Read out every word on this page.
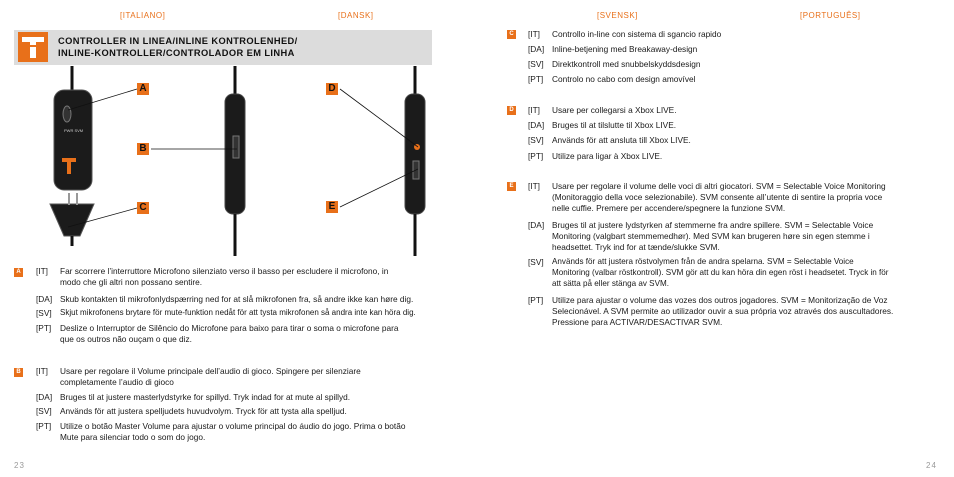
[ITALIANO]	[DANSK]	[SVENSK]	[PORTUGUÊS]
CONTROLLER IN LINEA/INLINE KONTROLENHED/
INLINE-KONTROLLER/CONTROLADOR EM LINHA
PWR SVM
A
B
C
D
E
A [IT] Far scorrere l’interruttore Microfono silenziato verso il basso per escludere il microfono, in
modo che gli altri non possano sentire.
[DA] Skub kontakten til mikrofonlydspærring ned for at slå mikrofonen fra, så andre ikke kan høre dig.
[SV] Skjut mikrofonens brytare för mute-funktion nedåt för att tysta mikrofonen så andra inte kan höra dig.
[PT] Deslize o Interruptor de Silêncio do Microfone para baixo para tirar o soma o microfone para
que os outros não ouçam o que diz.
B [IT] Usare per regolare il Volume principale dell’audio di gioco. Spingere per silenziare
completamente l’audio di gioco
[DA] Bruges til at justere masterlydstyrke for spillyd. Tryk indad for at mute al spillyd.
[SV] Används för att justera spelljudets huvudvolym. Tryck för att tysta alla spelljud.
[PT] Utilize o botão Master Volume para ajustar o volume principal do áudio do jogo. Prima o botão
Mute para silenciar todo o som do jogo.
C [IT] Controllo in-line con sistema di sgancio rapido
[DA] Inline-betjening med Breakaway-design
[SV] Direktkontroll med snubbelskyddsdesign
[PT] Controlo no cabo com design amovível
D [IT] Usare per collegarsi a Xbox LIVE.
[DA] Bruges til at tilslutte til Xbox LIVE.
[SV] Används för att ansluta till Xbox LIVE.
[PT] Utilize para ligar à Xbox LIVE.
E	[IT] Usare per regolare il volume delle voci di altri giocatori. SVM = Selectable Voice Monitoring
(Monitoraggio della voce selezionabile). SVM consente all’utente di sentire la propria voce
nelle cuffie. Premere per accendere/spegnere la funzione SVM.
[DA] Bruges til at justere lydstyrken af stemmerne fra andre spillere. SVM = Selectable Voice
Monitoring (valgbart stemmemedhør). Med SVM kan brugeren høre sin egen stemme i
headsettet. Tryk ind for at tænde/slukke SVM.
[SV] Används för att justera röstvolymen från de andra spelarna. SVM = Selectable Voice
Monitoring (valbar röstkontroll). SVM gör att du kan höra din egen röst i headsetet. Tryck in för
att sätta på eller stänga av SVM.
[PT] Utilize para ajustar o volume das vozes dos outros jogadores. SVM = Monitorização de Voz
Selecionável. A SVM permite ao utilizador ouvir a sua própria voz através dos auscultadores.
Pressione para ACTIVAR/DESACTIVAR SVM.
23	24
